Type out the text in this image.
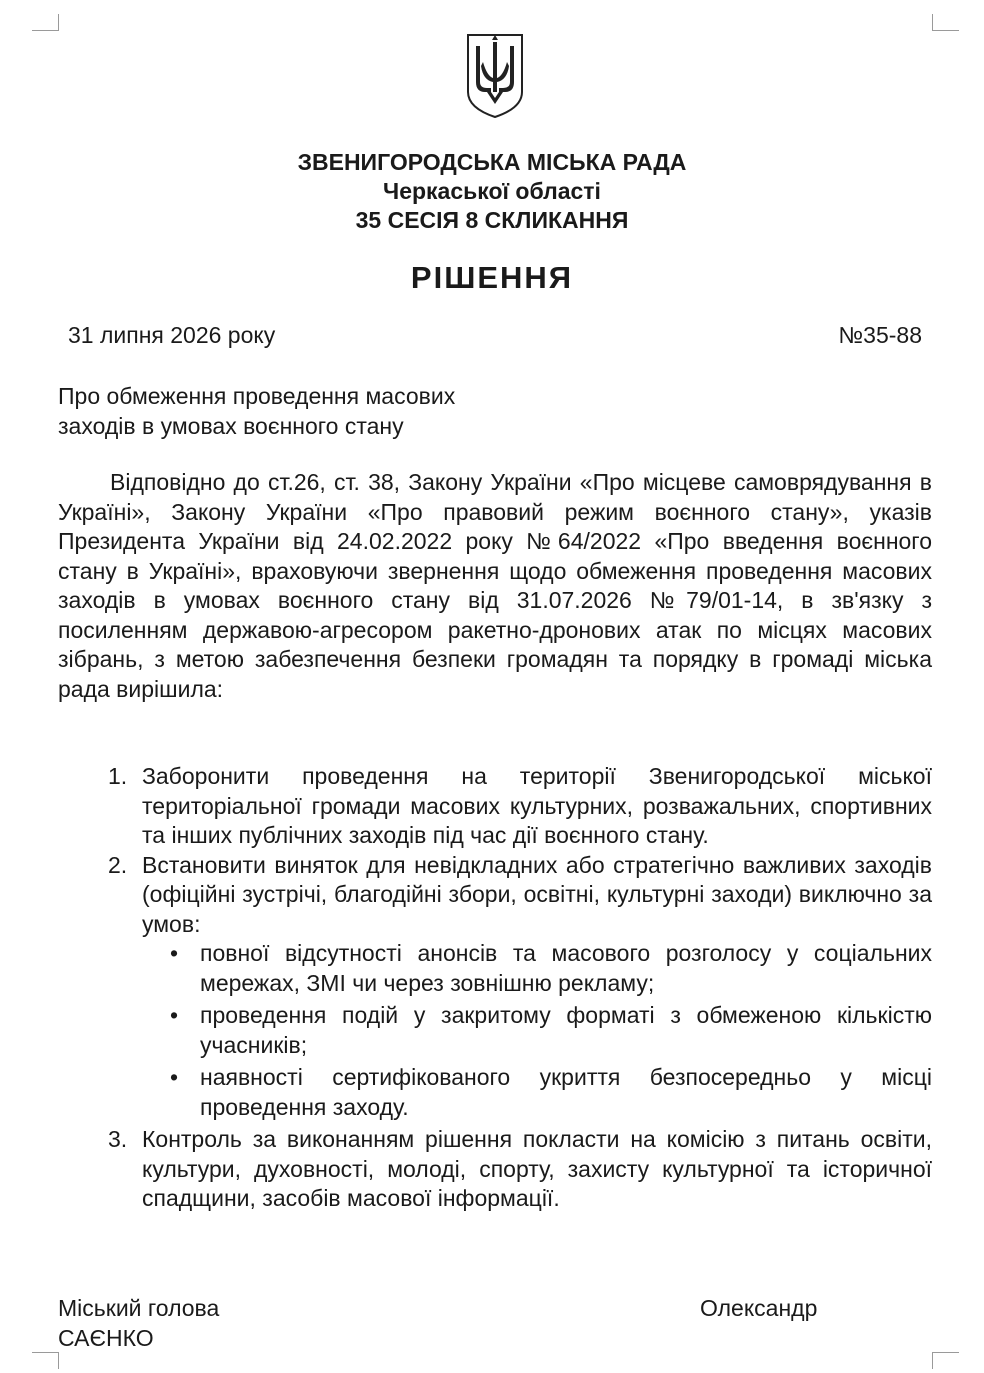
ЗВЕНИГОРОДСЬКА МІСЬКА РАДА
Черкаської області
35 СЕСІЯ 8 СКЛИКАННЯ
РІШЕННЯ
31 липня 2026 року	№35-88
Про обмеження проведення масових
заходів в умовах воєнного стану

Відповідно до ст.26, ст. 38, Закону України «Про місцеве самоврядування в Україні», Закону України «Про правовий режим воєнного стану», указів Президента України від 24.02.2022 року №64/2022 «Про введення воєнного стану в Україні», враховуючи звернення щодо обмеження проведення масових заходів в умовах воєнного стану від 31.07.2026 №79/01-14, в зв'язку з посиленням державою-агресором ракетно-дронових атак по місцях масових зібрань, з метою забезпечення безпеки громадян та порядку в громаді міська рада вирішила:

1. Заборонити проведення на території Звенигородської міської територіальної громади масових культурних, розважальних, спортивних та інших публічних заходів під час дії воєнного стану.
2. Встановити виняток для невідкладних або стратегічно важливих заходів (офіційні зустрічі, благодійні збори, освітні, культурні заходи) виключно за умов:
• повної відсутності анонсів та масового розголосу у соціальних мережах, ЗМІ чи через зовнішню рекламу;
• проведення подій у закритому форматі з обмеженою кількістю учасників;
• наявності сертифікованого укриття безпосередньо у місці проведення заходу.
3. Контроль за виконанням рішення покласти на комісію з питань освіти, культури, духовності, молоді, спорту, захисту культурної та історичної спадщини, засобів масової інформації.
Міський голова
САЄНКО
Олександр
